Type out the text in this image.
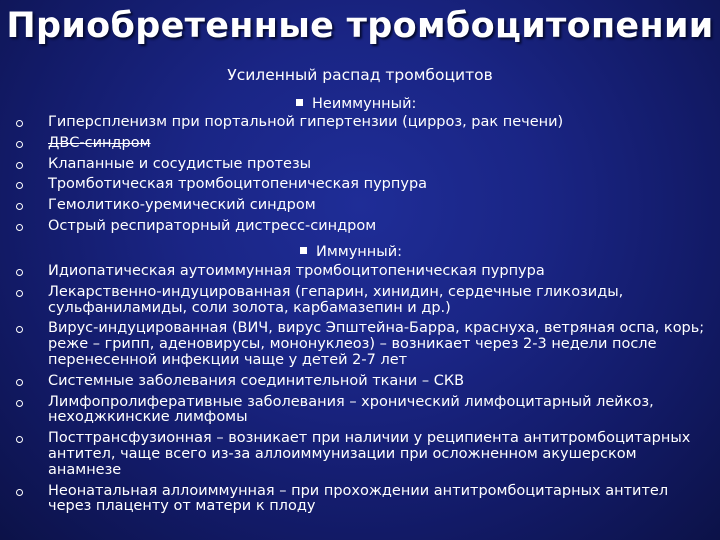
Приобретенные тромбоцитопении
Усиленный распад тромбоцитов
Неиммунный:
Гиперспленизм при портальной гипертензии (цирроз, рак печени)
ДВС-синдром
Клапанные и сосудистые протезы
Тромботическая тромбоцитопеническая пурпура
Гемолитико-уремический синдром
Острый респираторный дистресс-синдром
Иммунный:
Идиопатическая аутоиммунная тромбоцитопеническая пурпура
Лекарственно-индуцированная (гепарин, хинидин, сердечные гликозиды, сульфаниламиды, соли золота, карбамазепин и др.)
Вирус-индуцированная (ВИЧ, вирус Эпштейна-Барра, краснуха, ветряная оспа, корь; реже – грипп, аденовирусы, мононуклеоз) – возникает через 2-3 недели после перенесенной инфекции чаще у детей 2-7 лет
Системные заболевания соединительной ткани – СКВ
Лимфопролиферативные заболевания – хронический лимфоцитарный лейкоз, неходжкинские лимфомы
Посттрансфузионная – возникает при наличии у реципиента антитромбоцитарных антител, чаще всего из-за аллоиммунизации при осложненном акушерском анамнезе
Неонатальная аллоиммунная – при прохождении антитромбоцитарных антител через плаценту от матери к плоду
